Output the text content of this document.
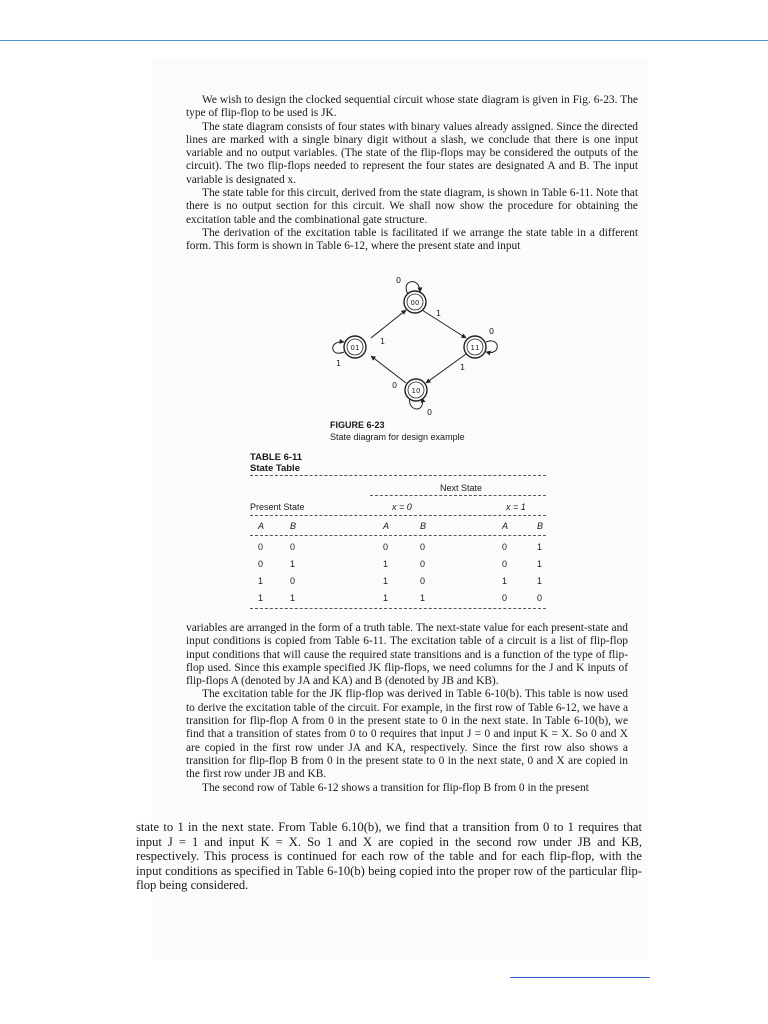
We wish to design the clocked sequential circuit whose state diagram is given in Fig. 6-23. The type of flip-flop to be used is JK.

The state diagram consists of four states with binary values already assigned. Since the directed lines are marked with a single binary digit without a slash, we conclude that there is one input variable and no output variables. (The state of the flip-flops may be considered the outputs of the circuit). The two flip-flops needed to represent the four states are designated A and B. The input variable is designated x.

The state table for this circuit, derived from the state diagram, is shown in Table 6-11. Note that there is no output section for this circuit. We shall now show the procedure for obtaining the excitation table and the combinational gate structure.

The derivation of the excitation table is facilitated if we arrange the state table in a different form. This form is shown in Table 6-12, where the present state and input

00
01	11
10
0
1
0
1
0
0
1
1
FIGURE 6-23
State diagram for design example
TABLE 6-11
State Table
Next State
Present State	x = 0	x = 1
A	B	A	B	A	B
0	0	0	0	0	1
0	1	1	0	0	1
1	0	1	0	1	1
1	1	1	1	0	0

variables are arranged in the form of a truth table. The next-state value for each present-state and input conditions is copied from Table 6-11. The excitation table of a circuit is a list of flip-flop input conditions that will cause the required state transitions and is a function of the type of flip-flop used. Since this example specified JK flip-flops, we need columns for the J and K inputs of flip-flops A (denoted by JA and KA) and B (denoted by JB and KB).

The excitation table for the JK flip-flop was derived in Table 6-10(b). This table is now used to derive the excitation table of the circuit. For example, in the first row of Table 6-12, we have a transition for flip-flop A from 0 in the present state to 0 in the next state. In Table 6-10(b), we find that a transition of states from 0 to 0 requires that input J = 0 and input K = X. So 0 and X are copied in the first row under JA and KA, respectively. Since the first row also shows a transition for flip-flop B from 0 in the present state to 0 in the next state, 0 and X are copied in the first row under JB and KB.

The second row of Table 6-12 shows a transition for flip-flop B from 0 in the present

state to 1 in the next state. From Table 6.10(b), we find that a transition from 0 to 1 requires that input J = 1 and input K = X. So 1 and X are copied in the second row under JB and KB, respectively. This process is continued for each row of the table and for each flip-flop, with the input conditions as specified in Table 6-10(b) being copied into the proper row of the particular flip-flop being considered.
